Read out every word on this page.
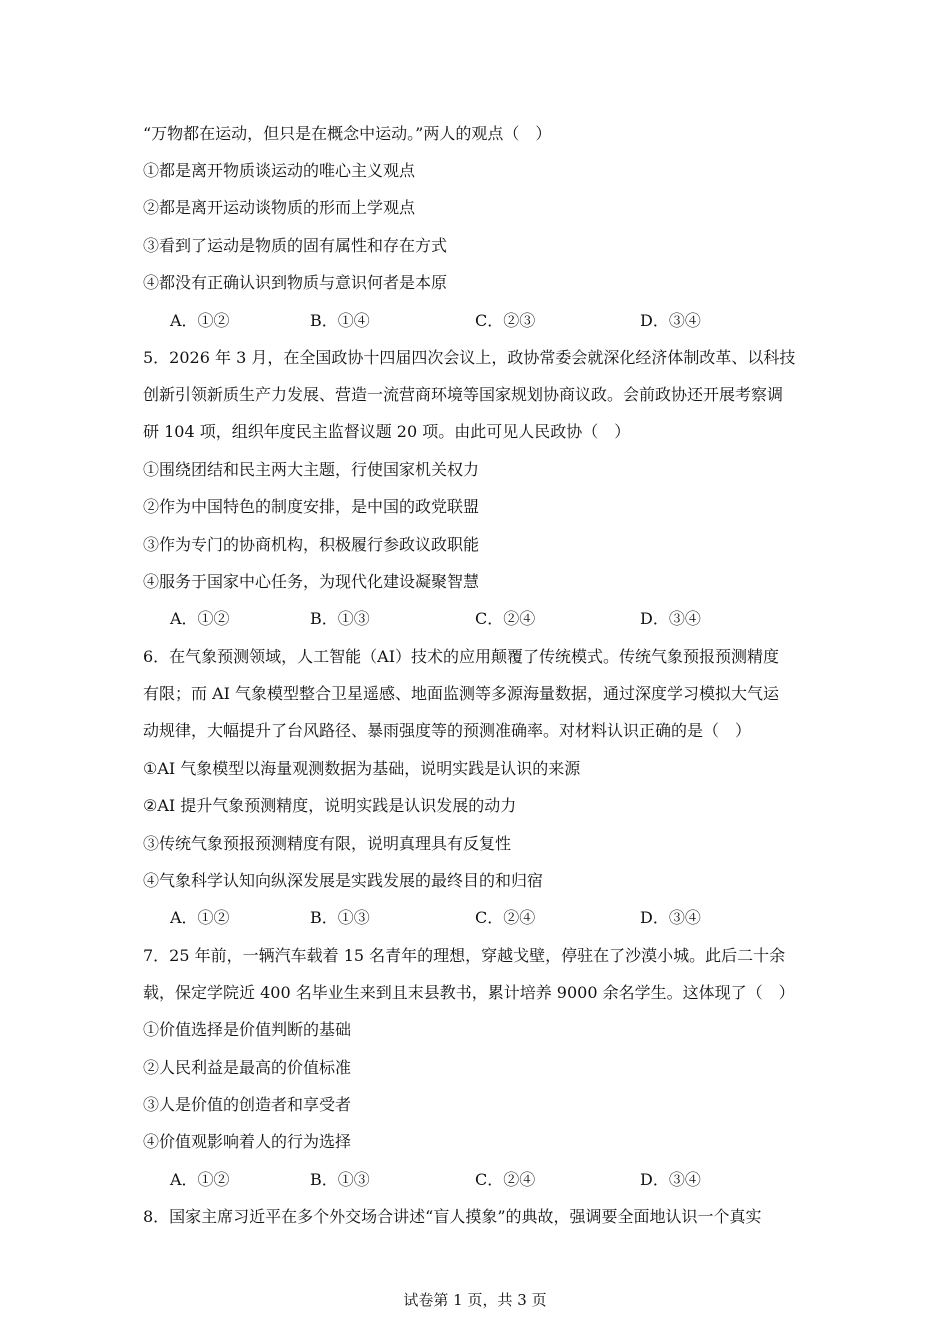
“万物都在运动，但只是在概念中运动。”两人的观点（　）
①都是离开物质谈运动的唯心主义观点
②都是离开运动谈物质的形而上学观点
③看到了运动是物质的固有属性和存在方式
④都没有正确认识到物质与意识何者是本原
A．①②	B．①④	C．②③	D．③④
5．2026 年 3 月，在全国政协十四届四次会议上，政协常委会就深化经济体制改革、以科技
创新引领新质生产力发展、营造一流营商环境等国家规划协商议政。会前政协还开展考察调
研 104 项，组织年度民主监督议题 20 项。由此可见人民政协（　）
①围绕团结和民主两大主题，行使国家机关权力
②作为中国特色的制度安排，是中国的政党联盟
③作为专门的协商机构，积极履行参政议政职能
④服务于国家中心任务，为现代化建设凝聚智慧
A．①②	B．①③	C．②④	D．③④
6．在气象预测领域，人工智能（AI）技术的应用颠覆了传统模式。传统气象预报预测精度
有限；而 AI 气象模型整合卫星遥感、地面监测等多源海量数据，通过深度学习模拟大气运
动规律，大幅提升了台风路径、暴雨强度等的预测准确率。对材料认识正确的是（　）
①AI 气象模型以海量观测数据为基础，说明实践是认识的来源
②AI 提升气象预测精度，说明实践是认识发展的动力
③传统气象预报预测精度有限，说明真理具有反复性
④气象科学认知向纵深发展是实践发展的最终目的和归宿
A．①②	B．①③	C．②④	D．③④
7．25 年前，一辆汽车载着 15 名青年的理想，穿越戈壁，停驻在了沙漠小城。此后二十余
载，保定学院近 400 名毕业生来到且末县教书，累计培养 9000 余名学生。这体现了（　）
①价值选择是价值判断的基础
②人民利益是最高的价值标准
③人是价值的创造者和享受者
④价值观影响着人的行为选择
A．①②	B．①③	C．②④	D．③④
8．国家主席习近平在多个外交场合讲述“盲人摸象”的典故，强调要全面地认识一个真实
试卷第 1 页，共 3 页
